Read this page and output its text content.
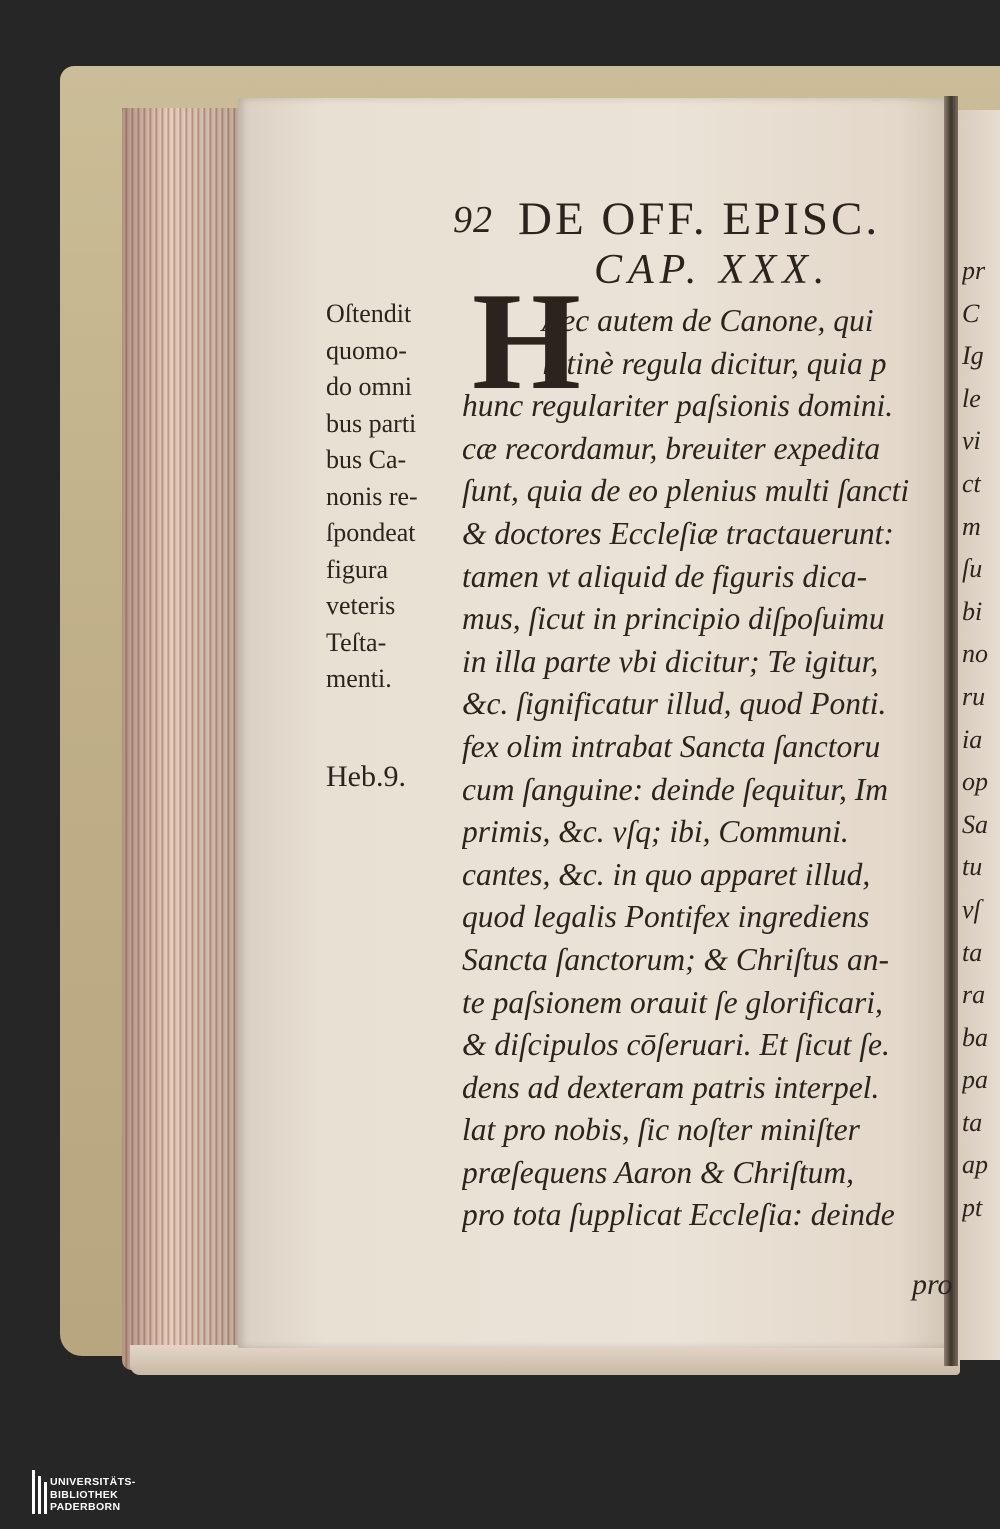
92 DE OFF. EPISC.
CAP. XXX.
H
Oſtendit
quomo-
do omni
bus parti
bus Ca-
nonis re-
ſpondeat
figura
veteris
Teſta-
menti.
Heb.9.
Aec autem de Canone, qui
latinè regula dicitur, quia p
hunc regulariter paſsionis domini.
cæ recordamur, breuiter expedita
ſunt, quia de eo plenius multi ſancti
& doctores Eccleſiæ tractauerunt:
tamen vt aliquid de figuris dica-
mus, ſicut in principio diſpoſuimu
in illa parte vbi dicitur; Te igitur,
&c. ſignificatur illud, quod Ponti.
fex olim intrabat Sancta ſanctoru
cum ſanguine: deinde ſequitur, Im
primis, &c. vſq; ibi, Communi.
cantes, &c. in quo apparet illud,
quod legalis Pontifex ingrediens
Sancta ſanctorum; & Chriſtus an-
te paſsionem orauit ſe glorificari,
& diſcipulos cōſeruari. Et ſicut ſe.
dens ad dexteram patris interpel.
lat pro nobis, ſic noſter miniſter
præſequens Aaron & Chriſtum,
pro tota ſupplicat Eccleſia: deinde
pro
pr
C
Ig
le
vi
ct
m
ſu
bi
no
ru
ia
op
Sa
tu
vſ
ta
ra
ba
pa
ta
ap
pt
UNIVERSITÄTS-
BIBLIOTHEK
PADERBORN
